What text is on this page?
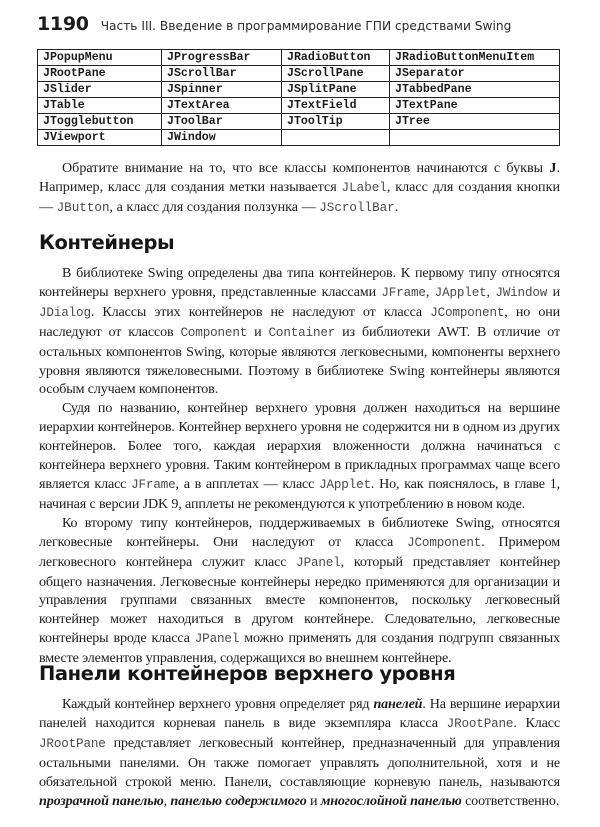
1190 Часть III. Введение в программирование ГПИ средствами Swing
JPopupMenu	JProgressBar	JRadioButton	JRadioButtonMenuItem
JRootPane	JScrollBar	JScrollPane	JSeparator
JSlider	JSpinner	JSplitPane	JTabbedPane
JTable	JTextArea	JTextField	JTextPane
JTogglebutton	JToolBar	JToolTip	JTree
JViewport	JWindow		

Обратите внимание на то, что все классы компонентов начинаются с буквы J. Например, класс для создания метки называется JLabel, класс для создания кнопки — JButton, а класс для создания ползунка — JScrollBar.

Контейнеры

В библиотеке Swing определены два типа контейнеров. К первому типу относятся контейнеры верхнего уровня, представленные классами JFrame, JApplet, JWindow и JDialog. Классы этих контейнеров не наследуют от класса JComponent, но они наследуют от классов Component и Container из библиотеки AWT. В отличие от остальных компонентов Swing, которые являются легковесными, компоненты верхнего уровня являются тяжеловесными. Поэтому в библиотеке Swing контейнеры являются особым случаем компонентов.

Судя по названию, контейнер верхнего уровня должен находиться на вершине иерархии контейнеров. Контейнер верхнего уровня не содержится ни в одном из других контейнеров. Более того, каждая иерархия вложенности должна начинаться с контейнера верхнего уровня. Таким контейнером в прикладных программах чаще всего является класс JFrame, а в апплетах — класс JApplet. Но, как пояснялось, в главе 1, начиная с версии JDK 9, апплеты не рекомендуются к употреблению в новом коде.

Ко второму типу контейнеров, поддерживаемых в библиотеке Swing, относятся легковесные контейнеры. Они наследуют от класса JComponent. Примером легковесного контейнера служит класс JPanel, который представляет контейнер общего назначения. Легковесные контейнеры нередко применяются для организации и управления группами связанных вместе компонентов, поскольку легковесный контейнер может находиться в другом контейнере. Следовательно, легковесные контейнеры вроде класса JPanel можно применять для создания подгрупп связанных вместе элементов управления, содержащихся во внешнем контейнере.

Панели контейнеров верхнего уровня

Каждый контейнер верхнего уровня определяет ряд панелей. На вершине иерархии панелей находится корневая панель в виде экземпляра класса JRootPane. Класс JRootPane представляет легковесный контейнер, предназначенный для управления остальными панелями. Он также помогает управлять дополнительной, хотя и не обязательной строкой меню. Панели, составляющие корневую панель, называются прозрачной панелью, панелью содержимого и многослойной панелью соответственно.
